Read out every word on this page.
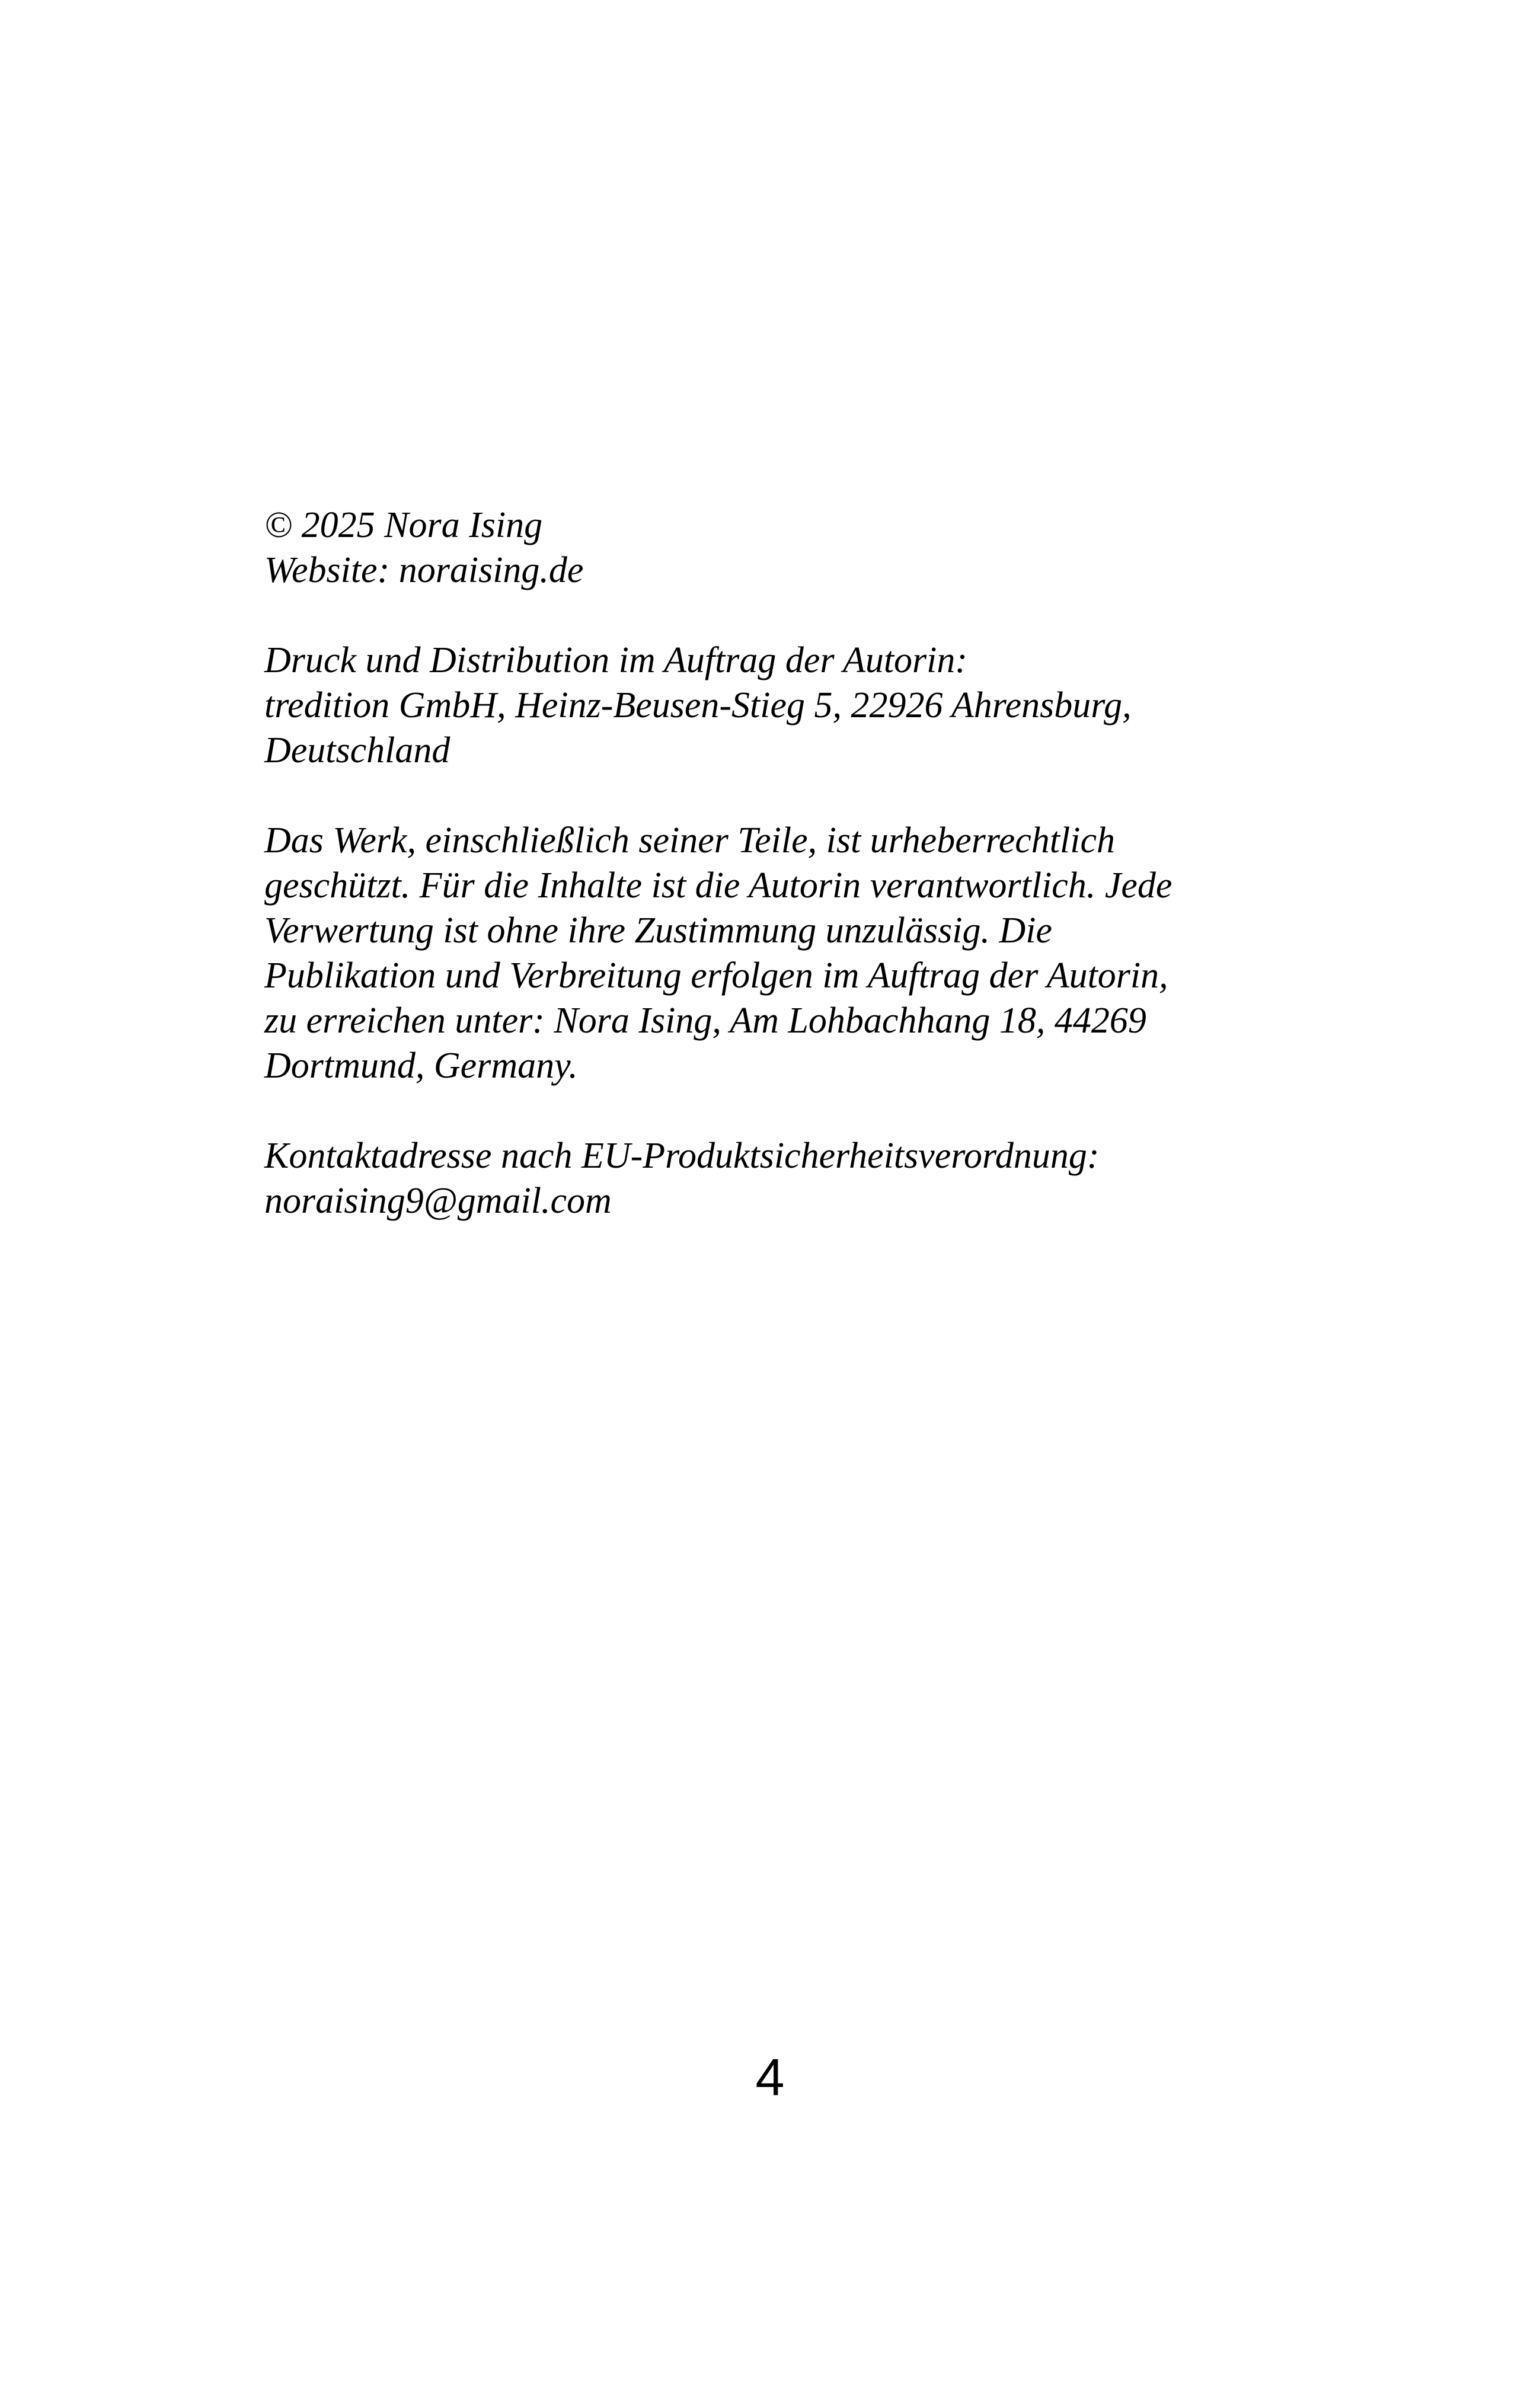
© 2025 Nora Ising
Website: noraising.de
Druck und Distribution im Auftrag der Autorin:
tredition GmbH, Heinz-Beusen-Stieg 5, 22926 Ahrensburg,
Deutschland
Das Werk, einschließlich seiner Teile, ist urheberrechtlich
geschützt. Für die Inhalte ist die Autorin verantwortlich. Jede
Verwertung ist ohne ihre Zustimmung unzulässig. Die
Publikation und Verbreitung erfolgen im Auftrag der Autorin,
zu erreichen unter: Nora Ising, Am Lohbachhang 18, 44269
Dortmund, Germany.
Kontaktadresse nach EU-Produktsicherheitsverordnung:
noraising9@gmail.com
4
